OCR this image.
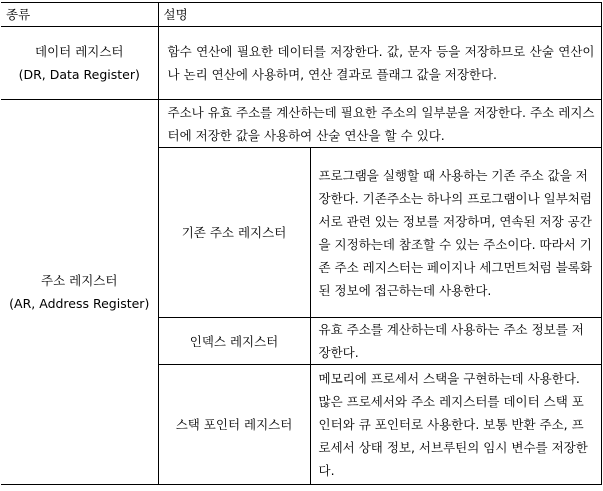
종류	설명	

데이터 레지스터
(DR, Data Register)	함수 연산에 필요한 데이터를 저장한다. 값, 문자 등을 저장하므로 산술 연산이나 논리 연산에 사용하며, 연산 결과로 플래그 값을 저장한다.	

주소 레지스터
(AR, Address Register)	주소나 유효 주소를 계산하는데 필요한 주소의 일부분을 저장한다. 주소 레지스터에 저장한 값을 사용하여 산술 연산을 할 수 있다.	
	기존 주소 레지스터	프로그램을 실행할 때 사용하는 기존 주소 값을 저장한다. 기존주소는 하나의 프로그램이나 일부처럼 서로 관련 있는 정보를 저장하며, 연속된 저장 공간을 지정하는데 참조할 수 있는 주소이다. 따라서 기존 주소 레지스터는 페이지나 세그먼트처럼 블록화된 정보에 접근하는데 사용한다.
	인덱스 레지스터	유효 주소를 계산하는데 사용하는 주소 정보를 저장한다.
	스택 포인터 레지스터	메모리에 프로세서 스택을 구현하는데 사용한다. 많은 프로세서와 주소 레지스터를 데이터 스택 포인터와 큐 포인터로 사용한다. 보통 반환 주소, 프로세서 상태 정보, 서브루틴의 임시 변수를 저장한다.
